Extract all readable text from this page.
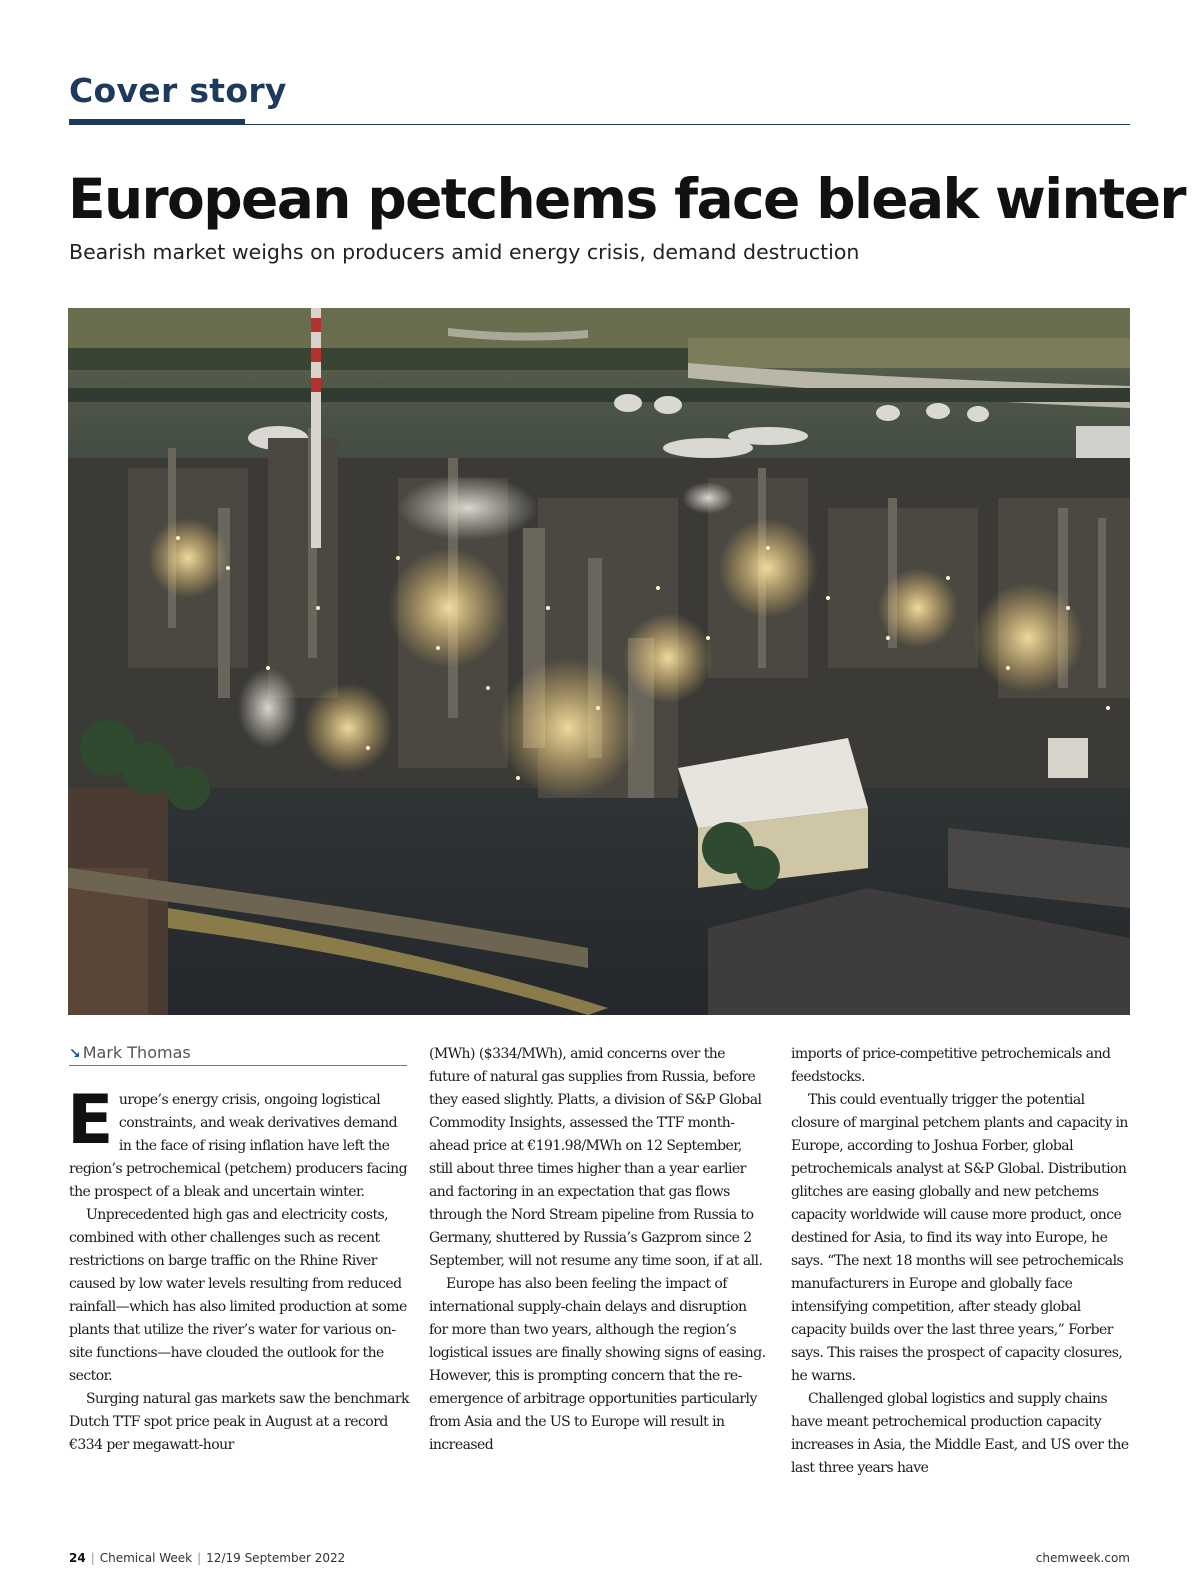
Cover story
European petchems face bleak winter

Bearish market weighs on producers amid energy crisis, demand destruction

↘ Mark Thomas

Europe’s energy crisis, ongoing logistical constraints, and weak derivatives demand in the face of rising inflation have left the region’s petrochemical (petchem) producers facing the prospect of a bleak and uncertain winter.

Unprecedented high gas and electricity costs, combined with other challenges such as recent restrictions on barge traffic on the Rhine River caused by low water levels resulting from reduced rainfall—which has also limited production at some plants that utilize the river’s water for various on-site functions—have clouded the outlook for the sector.

Surging natural gas markets saw the benchmark Dutch TTF spot price peak in August at a record €334 per megawatt-hour

(MWh) ($334/MWh), amid concerns over the future of natural gas supplies from Russia, before they eased slightly. Platts, a division of S&P Global Commodity Insights, assessed the TTF month-ahead price at €191.98/MWh on 12 September, still about three times higher than a year earlier and factoring in an expectation that gas flows through the Nord Stream pipeline from Russia to Germany, shuttered by Russia’s Gazprom since 2 September, will not resume any time soon, if at all.

Europe has also been feeling the impact of international supply-chain delays and disruption for more than two years, although the region’s logistical issues are finally showing signs of easing. However, this is prompting concern that the re-emergence of arbitrage opportunities particularly from Asia and the US to Europe will result in increased

imports of price-competitive petrochemicals and feedstocks.

This could eventually trigger the potential closure of marginal petchem plants and capacity in Europe, according to Joshua Forber, global petrochemicals analyst at S&P Global. Distribution glitches are easing globally and new petchems capacity worldwide will cause more product, once destined for Asia, to find its way into Europe, he says. “The next 18 months will see petrochemicals manufacturers in Europe and globally face intensifying competition, after steady global capacity builds over the last three years,” Forber says. This raises the prospect of capacity closures, he warns.

Challenged global logistics and supply chains have meant petrochemical production capacity increases in Asia, the Middle East, and US over the last three years have

24 | Chemical Week | 12/19 September 2022	chemweek.com
